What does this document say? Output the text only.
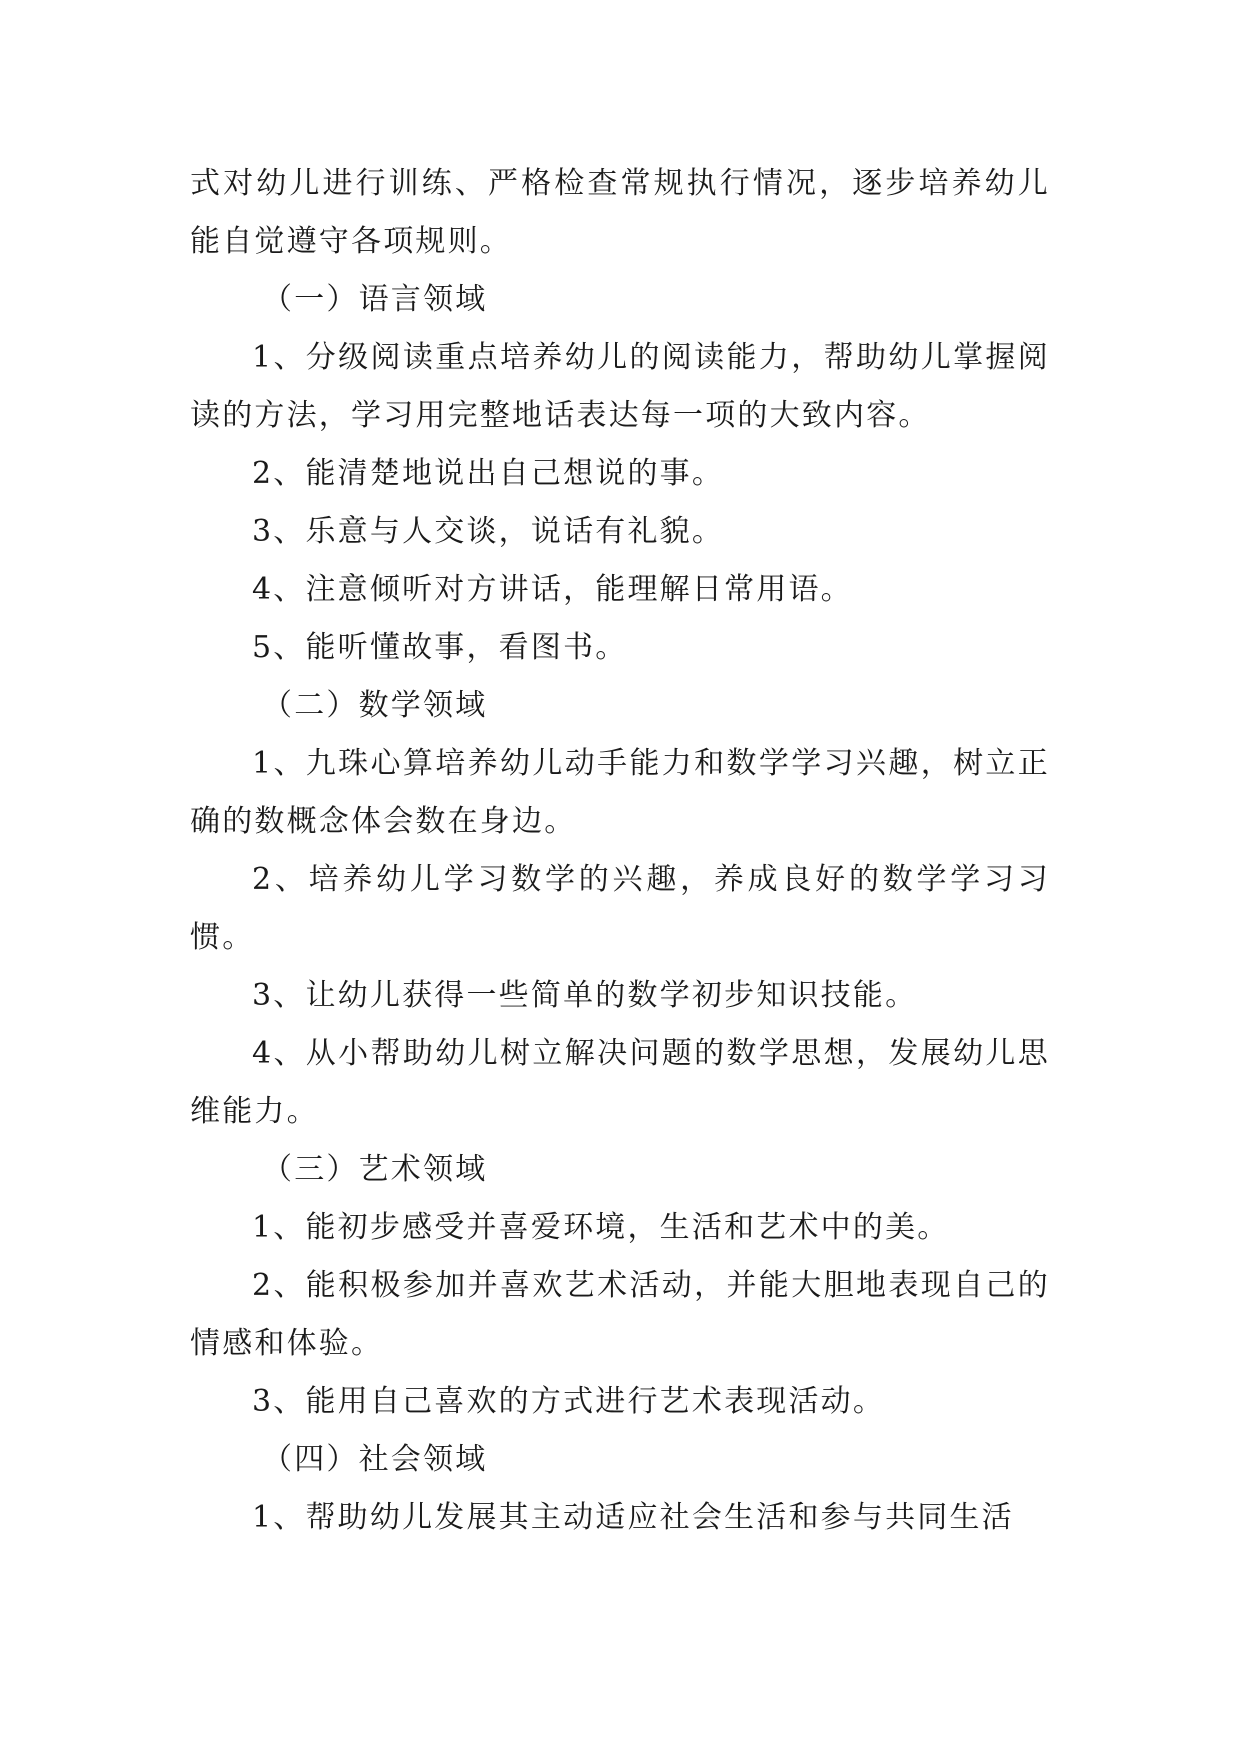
式对幼儿进行训练、严格检查常规执行情况，逐步培养幼儿能自觉遵守各项规则。

（一）语言领域

1、分级阅读重点培养幼儿的阅读能力，帮助幼儿掌握阅读的方法，学习用完整地话表达每一项的大致内容。

2、能清楚地说出自己想说的事。

3、乐意与人交谈，说话有礼貌。

4、注意倾听对方讲话，能理解日常用语。

5、能听懂故事，看图书。

（二）数学领域

1、九珠心算培养幼儿动手能力和数学学习兴趣，树立正确的数概念体会数在身边。

2、培养幼儿学习数学的兴趣，养成良好的数学学习习惯。

3、让幼儿获得一些简单的数学初步知识技能。

4、从小帮助幼儿树立解决问题的数学思想，发展幼儿思维能力。

（三）艺术领域

1、能初步感受并喜爱环境，生活和艺术中的美。

2、能积极参加并喜欢艺术活动，并能大胆地表现自己的情感和体验。

3、能用自己喜欢的方式进行艺术表现活动。

（四）社会领域

1、帮助幼儿发展其主动适应社会生活和参与共同生活
